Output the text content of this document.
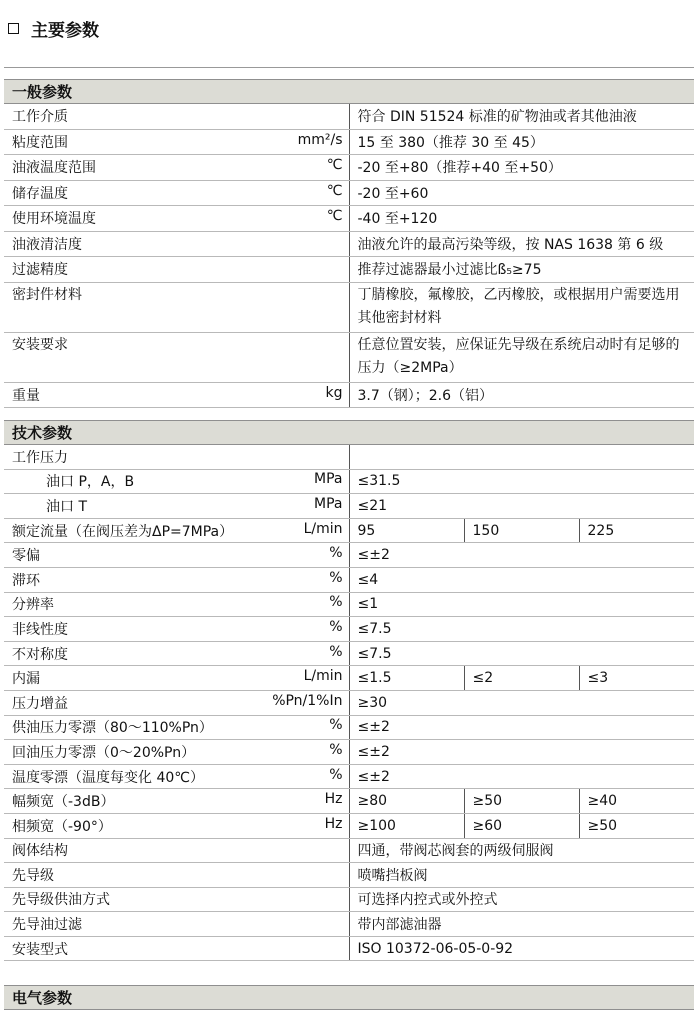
主要参数
一般参数
工作介质	符合 DIN 51524 标准的矿物油或者其他油液

粘度范围 mm²/s	15 至 380（推荐 30 至 45）

油液温度范围 ℃	-20 至+80（推荐+40 至+50）

储存温度 ℃	-20 至+60

使用环境温度 ℃	-40 至+120

油液清洁度	油液允许的最高污染等级，按 NAS 1638 第 6 级

过滤精度	推荐过滤器最小过滤比ß₅≥75

密封件材料	丁腈橡胶，氟橡胶，乙丙橡胶，或根据用户需要选用其他密封材料

安装要求	任意位置安装，应保证先导级在系统启动时有足够的压力（≥2MPa）

重量 kg	3.7（钢）；2.6（铝）
技术参数
工作压力			

油口 P，A，B MPa	≤31.5		

油口 T MPa	≤21		

额定流量（在阀压差为ΔP=7MPa） L/min	95	150	225

零偏 %	≤±2		

滞环 %	≤4		

分辨率 %	≤1		

非线性度 %	≤7.5		

不对称度 %	≤7.5		

内漏 L/min	≤1.5	≤2	≤3

压力增益 %Pn/1%In	≥30		

供油压力零漂（80～110%Pn） %	≤±2		

回油压力零漂（0～20%Pn） %	≤±2		

温度零漂（温度每变化 40℃） %	≤±2		

幅频宽（-3dB） Hz	≥80	≥50	≥40

相频宽（-90°） Hz	≥100	≥60	≥50

阀体结构	四通，带阀芯阀套的两级伺服阀		

先导级	喷嘴挡板阀		

先导级供油方式	可选择内控式或外控式		

先导油过滤	带内部滤油器		

安装型式	ISO 10372-06-05-0-92		
电气参数
